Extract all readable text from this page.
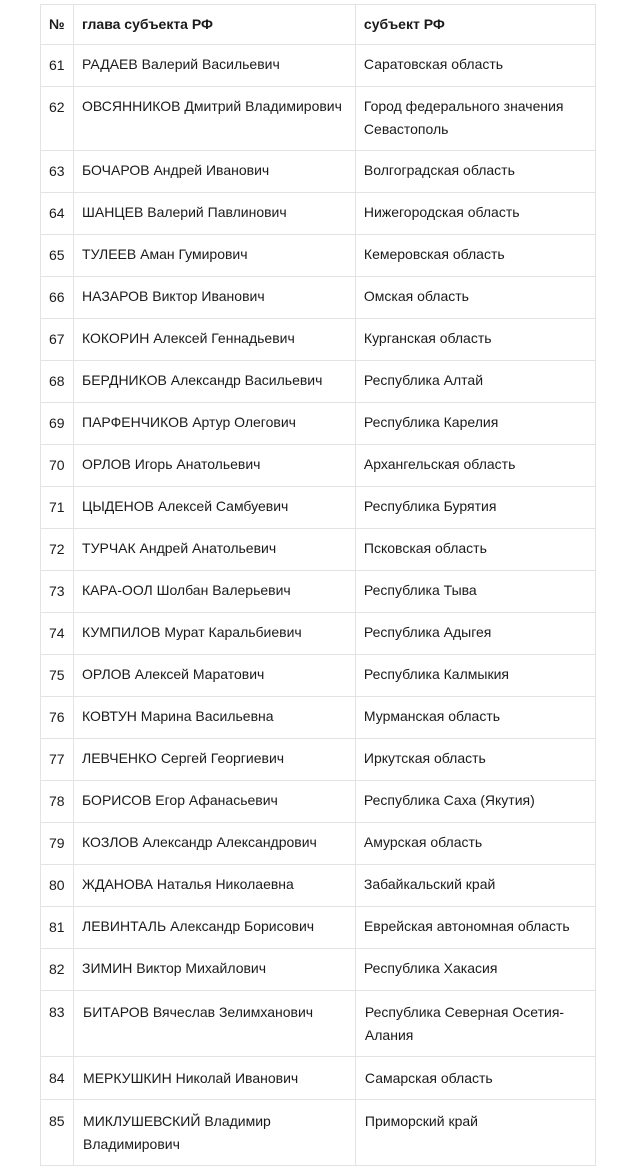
№	глава субъекта РФ	субъект РФ
61	РАДАЕВ Валерий Васильевич	Саратовская область
62	ОВСЯННИКОВ Дмитрий Владимирович	Город федерального значения Севастополь
63	БОЧАРОВ Андрей Иванович	Волгоградская область
64	ШАНЦЕВ Валерий Павлинович	Нижегородская область
65	ТУЛЕЕВ Аман Гумирович	Кемеровская область
66	НАЗАРОВ Виктор Иванович	Омская область
67	КОКОРИН Алексей Геннадьевич	Курганская область
68	БЕРДНИКОВ Александр Васильевич	Республика Алтай
69	ПАРФЕНЧИКОВ Артур Олегович	Республика Карелия
70	ОРЛОВ Игорь Анатольевич	Архангельская область
71	ЦЫДЕНОВ Алексей Самбуевич	Республика Бурятия
72	ТУРЧАК Андрей Анатольевич	Псковская область
73	КАРА-ООЛ Шолбан Валерьевич	Республика Тыва
74	КУМПИЛОВ Мурат Каральбиевич	Республика Адыгея
75	ОРЛОВ Алексей Маратович	Республика Калмыкия
76	КОВТУН Марина Васильевна	Мурманская область
77	ЛЕВЧЕНКО Сергей Георгиевич	Иркутская область
78	БОРИСОВ Егор Афанасьевич	Республика Саха (Якутия)
79	КОЗЛОВ Александр Александрович	Амурская область
80	ЖДАНОВА Наталья Николаевна	Забайкальский край
81	ЛЕВИНТАЛЬ Александр Борисович	Еврейская автономная область
82	ЗИМИН Виктор Михайлович	Республика Хакасия
83	БИТАРОВ Вячеслав Зелимханович	Республика Северная Осетия-Алания
84	МЕРКУШКИН Николай Иванович	Самарская область
85	МИКЛУШЕВСКИЙ Владимир Владимирович	Приморский край
